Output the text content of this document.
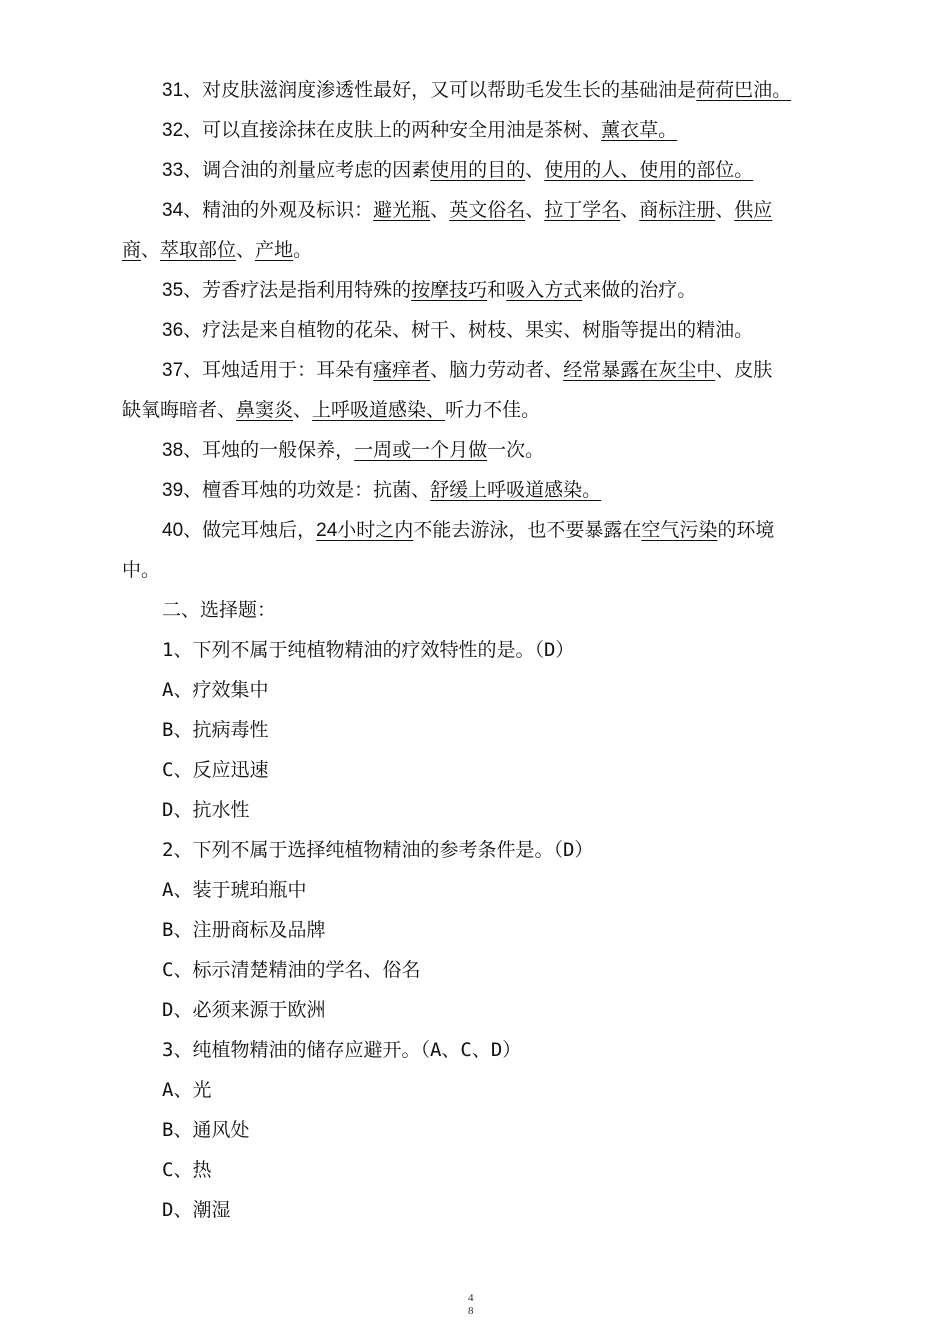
31、对皮肤滋润度渗透性最好，又可以帮助毛发生长的基础油是荷荷巴油。
32、可以直接涂抹在皮肤上的两种安全用油是茶树、薰衣草。
33、调合油的剂量应考虑的因素使用的目的、使用的人、使用的部位。
34、精油的外观及标识：避光瓶、英文俗名、拉丁学名、商标注册、供应
商、萃取部位、产地。
35、芳香疗法是指利用特殊的按摩技巧和吸入方式来做的治疗。
36、疗法是来自植物的花朵、树干、树枝、果实、树脂等提出的精油。
37、耳烛适用于：耳朵有瘙痒者、脑力劳动者、经常暴露在灰尘中、皮肤
缺氧晦暗者、鼻窦炎、上呼吸道感染、听力不佳。
38、耳烛的一般保养，一周或一个月做一次。
39、檀香耳烛的功效是：抗菌、舒缓上呼吸道感染。
40、做完耳烛后，24小时之内不能去游泳，也不要暴露在空气污染的环境
中。
二、选择题：
1、下列不属于纯植物精油的疗效特性的是。（D）
A、疗效集中
B、抗病毒性
C、反应迅速
D、抗水性
2、下列不属于选择纯植物精油的参考条件是。（D）
A、装于琥珀瓶中
B、注册商标及品牌
C、标示清楚精油的学名、俗名
D、必须来源于欧洲
3、纯植物精油的储存应避开。（A、C、D）
A、光
B、通风处
C、热
D、潮湿
4
8
